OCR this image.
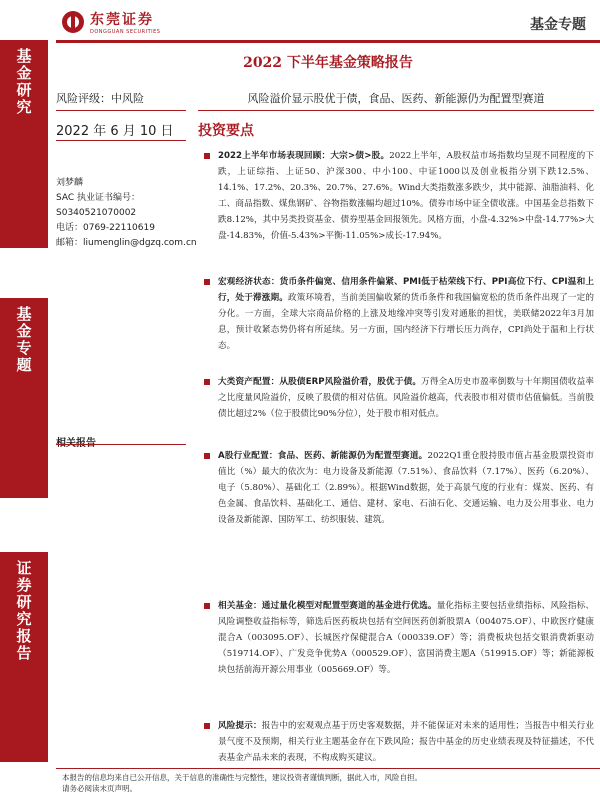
基金研究
基金专题
证券研究报告
东莞证券
DONGGUAN SECURITIES	基金专题
2022 下半年基金策略报告
风险评级：中风险
2022 年 6 月 10 日
刘梦麟
SAC 执业证书编号：
S0340521070002
电话：0769-22110619
邮箱：liumenglin@dgzq.com.cn
风险溢价显示股优于债，食品、医药、新能源仍为配置型赛道
投资要点
2022上半年市场表现回顾：大宗>债>股。2022上半年，A股权益市场指数均呈现不同程度的下跌，上证综指、上证50、沪深300、中小100、中证1000以及创业板指分别下跌12.5%、14.1%、17.2%、20.3%、20.7%、27.6%。Wind大类指数涨多跌少，其中能源、油脂油料、化工、商品指数、煤焦钢矿、谷物指数涨幅均超过10%。债券市场中证全债收涨。中国基金总指数下跌8.12%，其中另类投资基金、债券型基金回报领先。风格方面，小盘-4.32%>中盘-14.77%>大盘-14.83%，价值-5.43%>平衡-11.05%>成长-17.94%。
宏观经济状态：货币条件偏宽、信用条件偏紧、PMI低于枯荣线下行、PPI高位下行、CPI温和上行，处于滞涨期。政策环境看，当前美国偏收紧的货币条件和我国偏宽松的货币条件出现了一定的分化。一方面，全球大宗商品价格的上涨及地缘冲突等引发对通胀的担忧，美联储2022年3月加息，预计收紧态势仍将有所延续。另一方面，国内经济下行增长压力尚存，CPI尚处于温和上行状态。
大类资产配置：从股债ERP风险溢价看，股优于债。万得全A历史市盈率倒数与十年期国债收益率之比度量风险溢价，反映了股债的相对估值。风险溢价越高，代表股市相对债市估值偏低。当前股债比超过2%（位于股债比90%分位），处于股市相对低点。
A股行业配置：食品、医药、新能源仍为配置型赛道。2022Q1重仓股持股市值占基金股票投资市值比（%）最大的依次为：电力设备及新能源（7.51%）、食品饮料（7.17%）、医药（6.20%）、电子（5.80%）、基础化工（2.89%）。根据Wind数据，处于高景气度的行业有：煤炭、医药、有色金属、食品饮料、基础化工、通信、建材、家电、石油石化、交通运输、电力及公用事业、电力设备及新能源、国防军工、纺织服装、建筑。
相关基金：通过量化模型对配置型赛道的基金进行优选。量化指标主要包括业绩指标、风险指标、风险调整收益指标等，筛选后医药板块包括有空间医药创新股票A（004075.OF）、中欧医疗健康混合A（003095.OF）、长城医疗保健混合A（000339.OF）等；消费板块包括交银消费新驱动（519714.OF）、广发竞争优势A（000529.OF）、富国消费主题A（519915.OF）等；新能源板块包括前海开源公用事业（005669.OF）等。
风险提示：报告中的宏观观点基于历史客观数据，并不能保证对未来的适用性；当报告中相关行业景气度不及预期，相关行业主题基金存在下跌风险；报告中基金的历史业绩表现及特征描述，不代表基金产品未来的表现，不构成购买建议。
本报告的信息均来自已公开信息，关于信息的准确性与完整性，建议投资者谨慎判断，据此入市，风险自担。
请务必阅读末页声明。
